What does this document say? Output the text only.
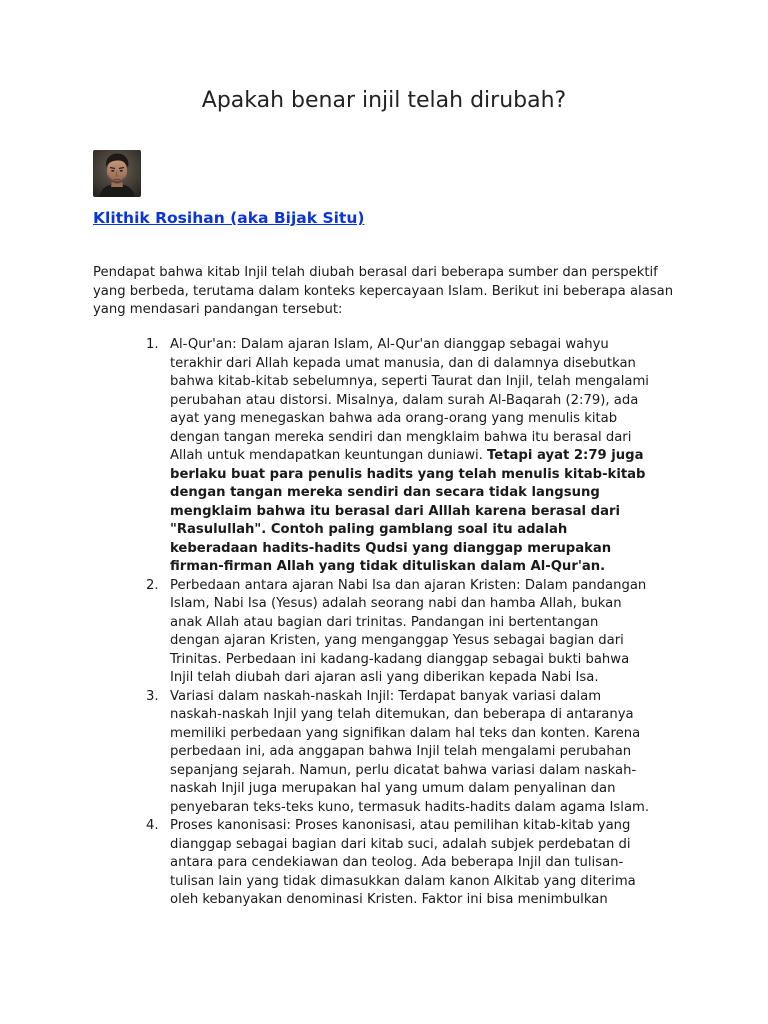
Apakah benar injil telah dirubah?
Klithik Rosihan (aka Bijak Situ)

Pendapat bahwa kitab Injil telah diubah berasal dari beberapa sumber dan perspektif yang berbeda, terutama dalam konteks kepercayaan Islam. Berikut ini beberapa alasan yang mendasari pandangan tersebut:

1. Al-Qur'an: Dalam ajaran Islam, Al-Qur'an dianggap sebagai wahyu terakhir dari Allah kepada umat manusia, dan di dalamnya disebutkan bahwa kitab-kitab sebelumnya, seperti Taurat dan Injil, telah mengalami perubahan atau distorsi. Misalnya, dalam surah Al-Baqarah (2:79), ada ayat yang menegaskan bahwa ada orang-orang yang menulis kitab dengan tangan mereka sendiri dan mengklaim bahwa itu berasal dari Allah untuk mendapatkan keuntungan duniawi. Tetapi ayat 2:79 juga berlaku buat para penulis hadits yang telah menulis kitab-kitab dengan tangan mereka sendiri dan secara tidak langsung mengklaim bahwa itu berasal dari Alllah karena berasal dari "Rasulullah". Contoh paling gamblang soal itu adalah keberadaan hadits-hadits Qudsi yang dianggap merupakan firman-firman Allah yang tidak dituliskan dalam Al-Qur'an.
2. Perbedaan antara ajaran Nabi Isa dan ajaran Kristen: Dalam pandangan Islam, Nabi Isa (Yesus) adalah seorang nabi dan hamba Allah, bukan anak Allah atau bagian dari trinitas. Pandangan ini bertentangan dengan ajaran Kristen, yang menganggap Yesus sebagai bagian dari Trinitas. Perbedaan ini kadang-kadang dianggap sebagai bukti bahwa Injil telah diubah dari ajaran asli yang diberikan kepada Nabi Isa.
3. Variasi dalam naskah-naskah Injil: Terdapat banyak variasi dalam naskah-naskah Injil yang telah ditemukan, dan beberapa di antaranya memiliki perbedaan yang signifikan dalam hal teks dan konten. Karena perbedaan ini, ada anggapan bahwa Injil telah mengalami perubahan sepanjang sejarah. Namun, perlu dicatat bahwa variasi dalam naskah-naskah Injil juga merupakan hal yang umum dalam penyalinan dan penyebaran teks-teks kuno, termasuk hadits-hadits dalam agama Islam.
4. Proses kanonisasi: Proses kanonisasi, atau pemilihan kitab-kitab yang dianggap sebagai bagian dari kitab suci, adalah subjek perdebatan di antara para cendekiawan dan teolog. Ada beberapa Injil dan tulisan-tulisan lain yang tidak dimasukkan dalam kanon Alkitab yang diterima oleh kebanyakan denominasi Kristen. Faktor ini bisa menimbulkan
